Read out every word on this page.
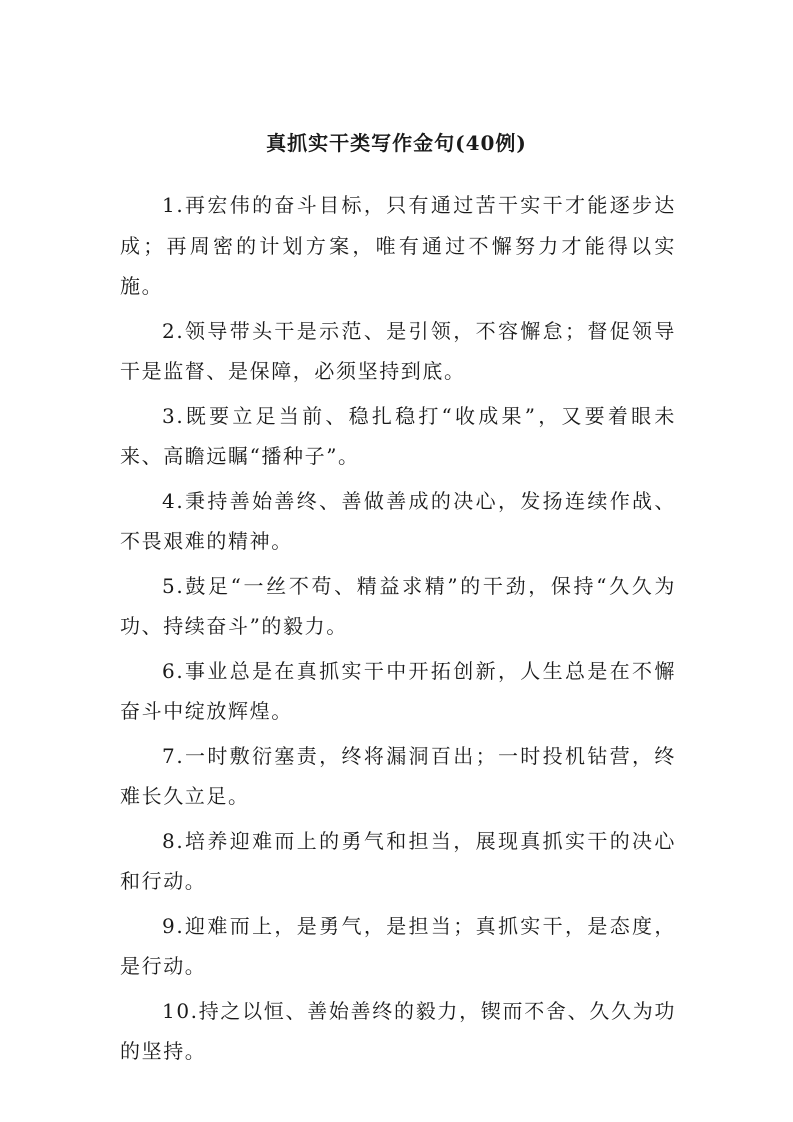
真抓实干类写作金句(40例)

1.再宏伟的奋斗目标，只有通过苦干实干才能逐步达成；再周密的计划方案，唯有通过不懈努力才能得以实施。

2.领导带头干是示范、是引领，不容懈怠；督促领导干是监督、是保障，必须坚持到底。

3.既要立足当前、稳扎稳打“收成果”，又要着眼未来、高瞻远瞩“播种子”。

4.秉持善始善终、善做善成的决心，发扬连续作战、不畏艰难的精神。

5.鼓足“一丝不苟、精益求精”的干劲，保持“久久为功、持续奋斗”的毅力。

6.事业总是在真抓实干中开拓创新，人生总是在不懈奋斗中绽放辉煌。

7.一时敷衍塞责，终将漏洞百出；一时投机钻营，终难长久立足。

8.培养迎难而上的勇气和担当，展现真抓实干的决心和行动。

9.迎难而上，是勇气，是担当；真抓实干，是态度，是行动。

10.持之以恒、善始善终的毅力，锲而不舍、久久为功的坚持。
